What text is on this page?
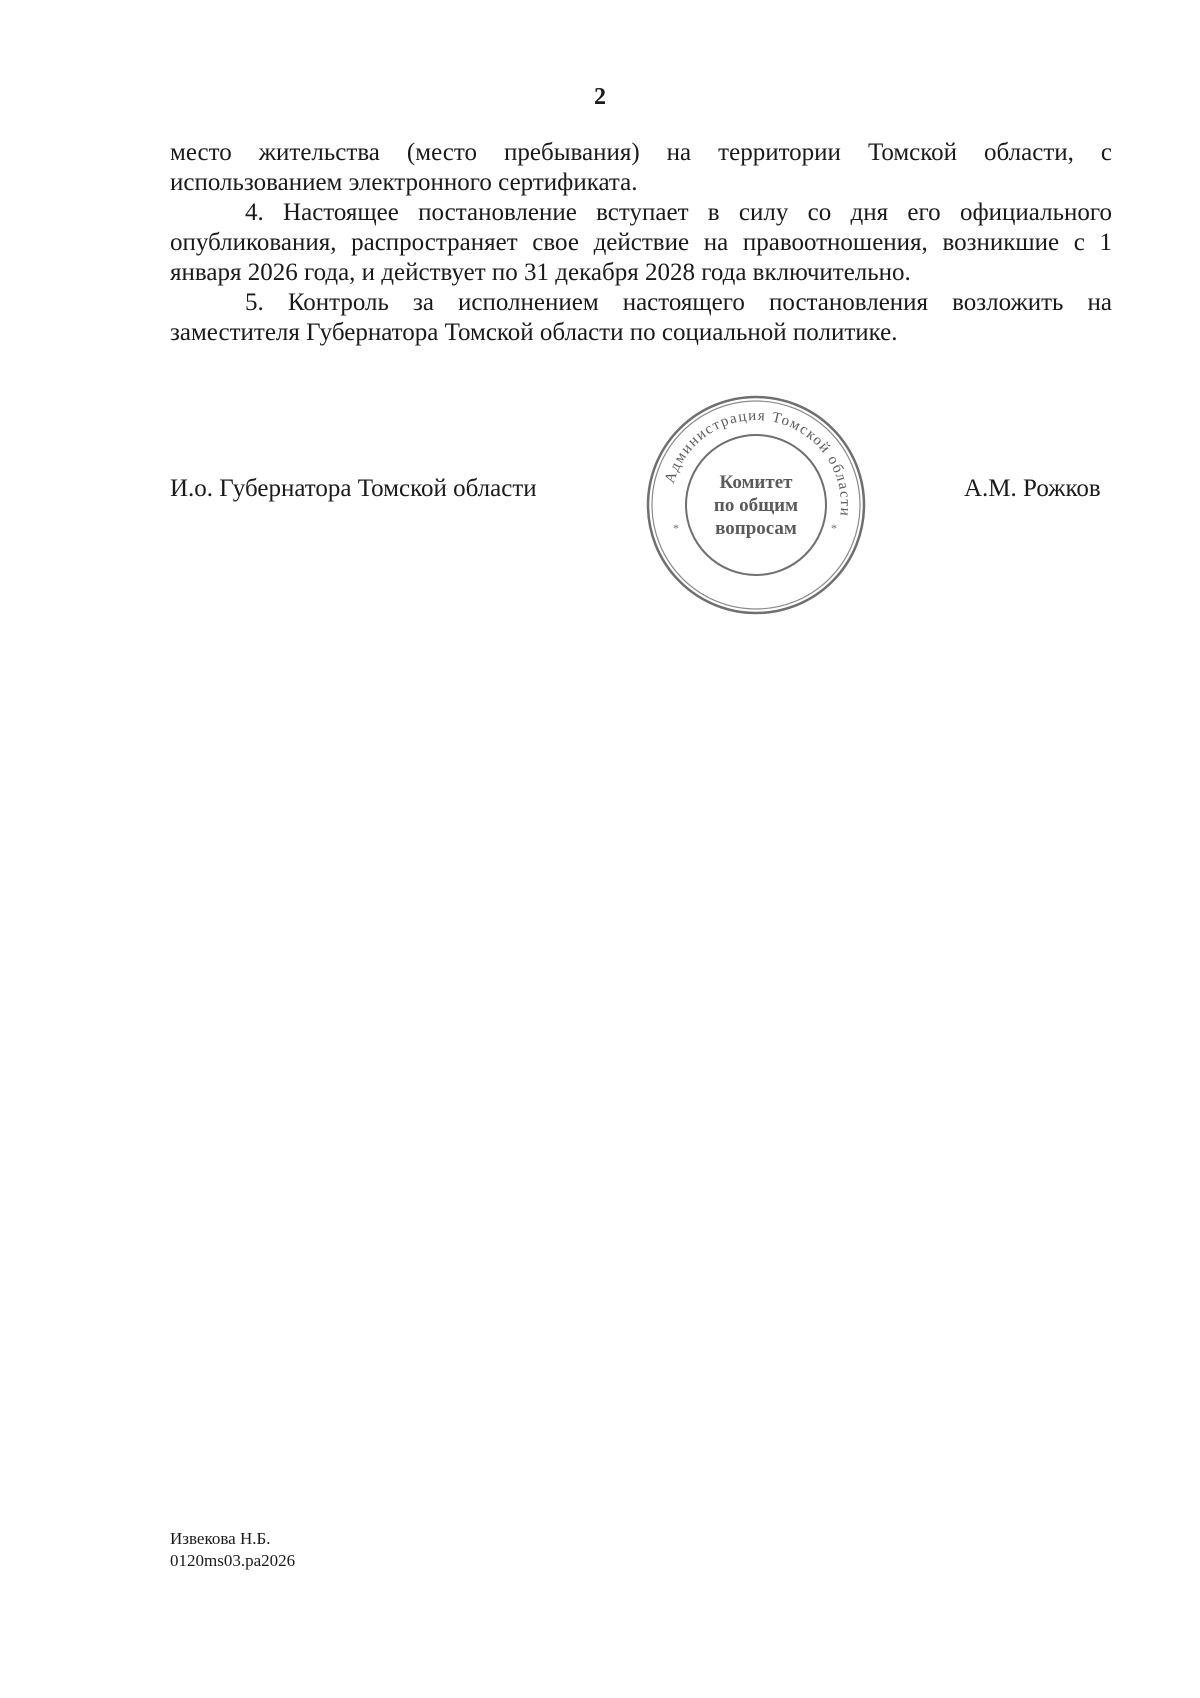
2

место жительства (место пребывания) на территории Томской области, с использованием электронного сертификата.

4. Настоящее постановление вступает в силу со дня его официального опубликования, распространяет свое действие на правоотношения, возникшие с 1 января 2026 года, и действует по 31 декабря 2028 года включительно.

5. Контроль за исполнением настоящего постановления возложить на заместителя Губернатора Томской области по социальной политике.

И.о. Губернатора Томской области	Администрация Томской области
*	*
Комитет
по общим
вопросам
А.М. Рожков
Извекова Н.Б.
0120ms03.pa2026
